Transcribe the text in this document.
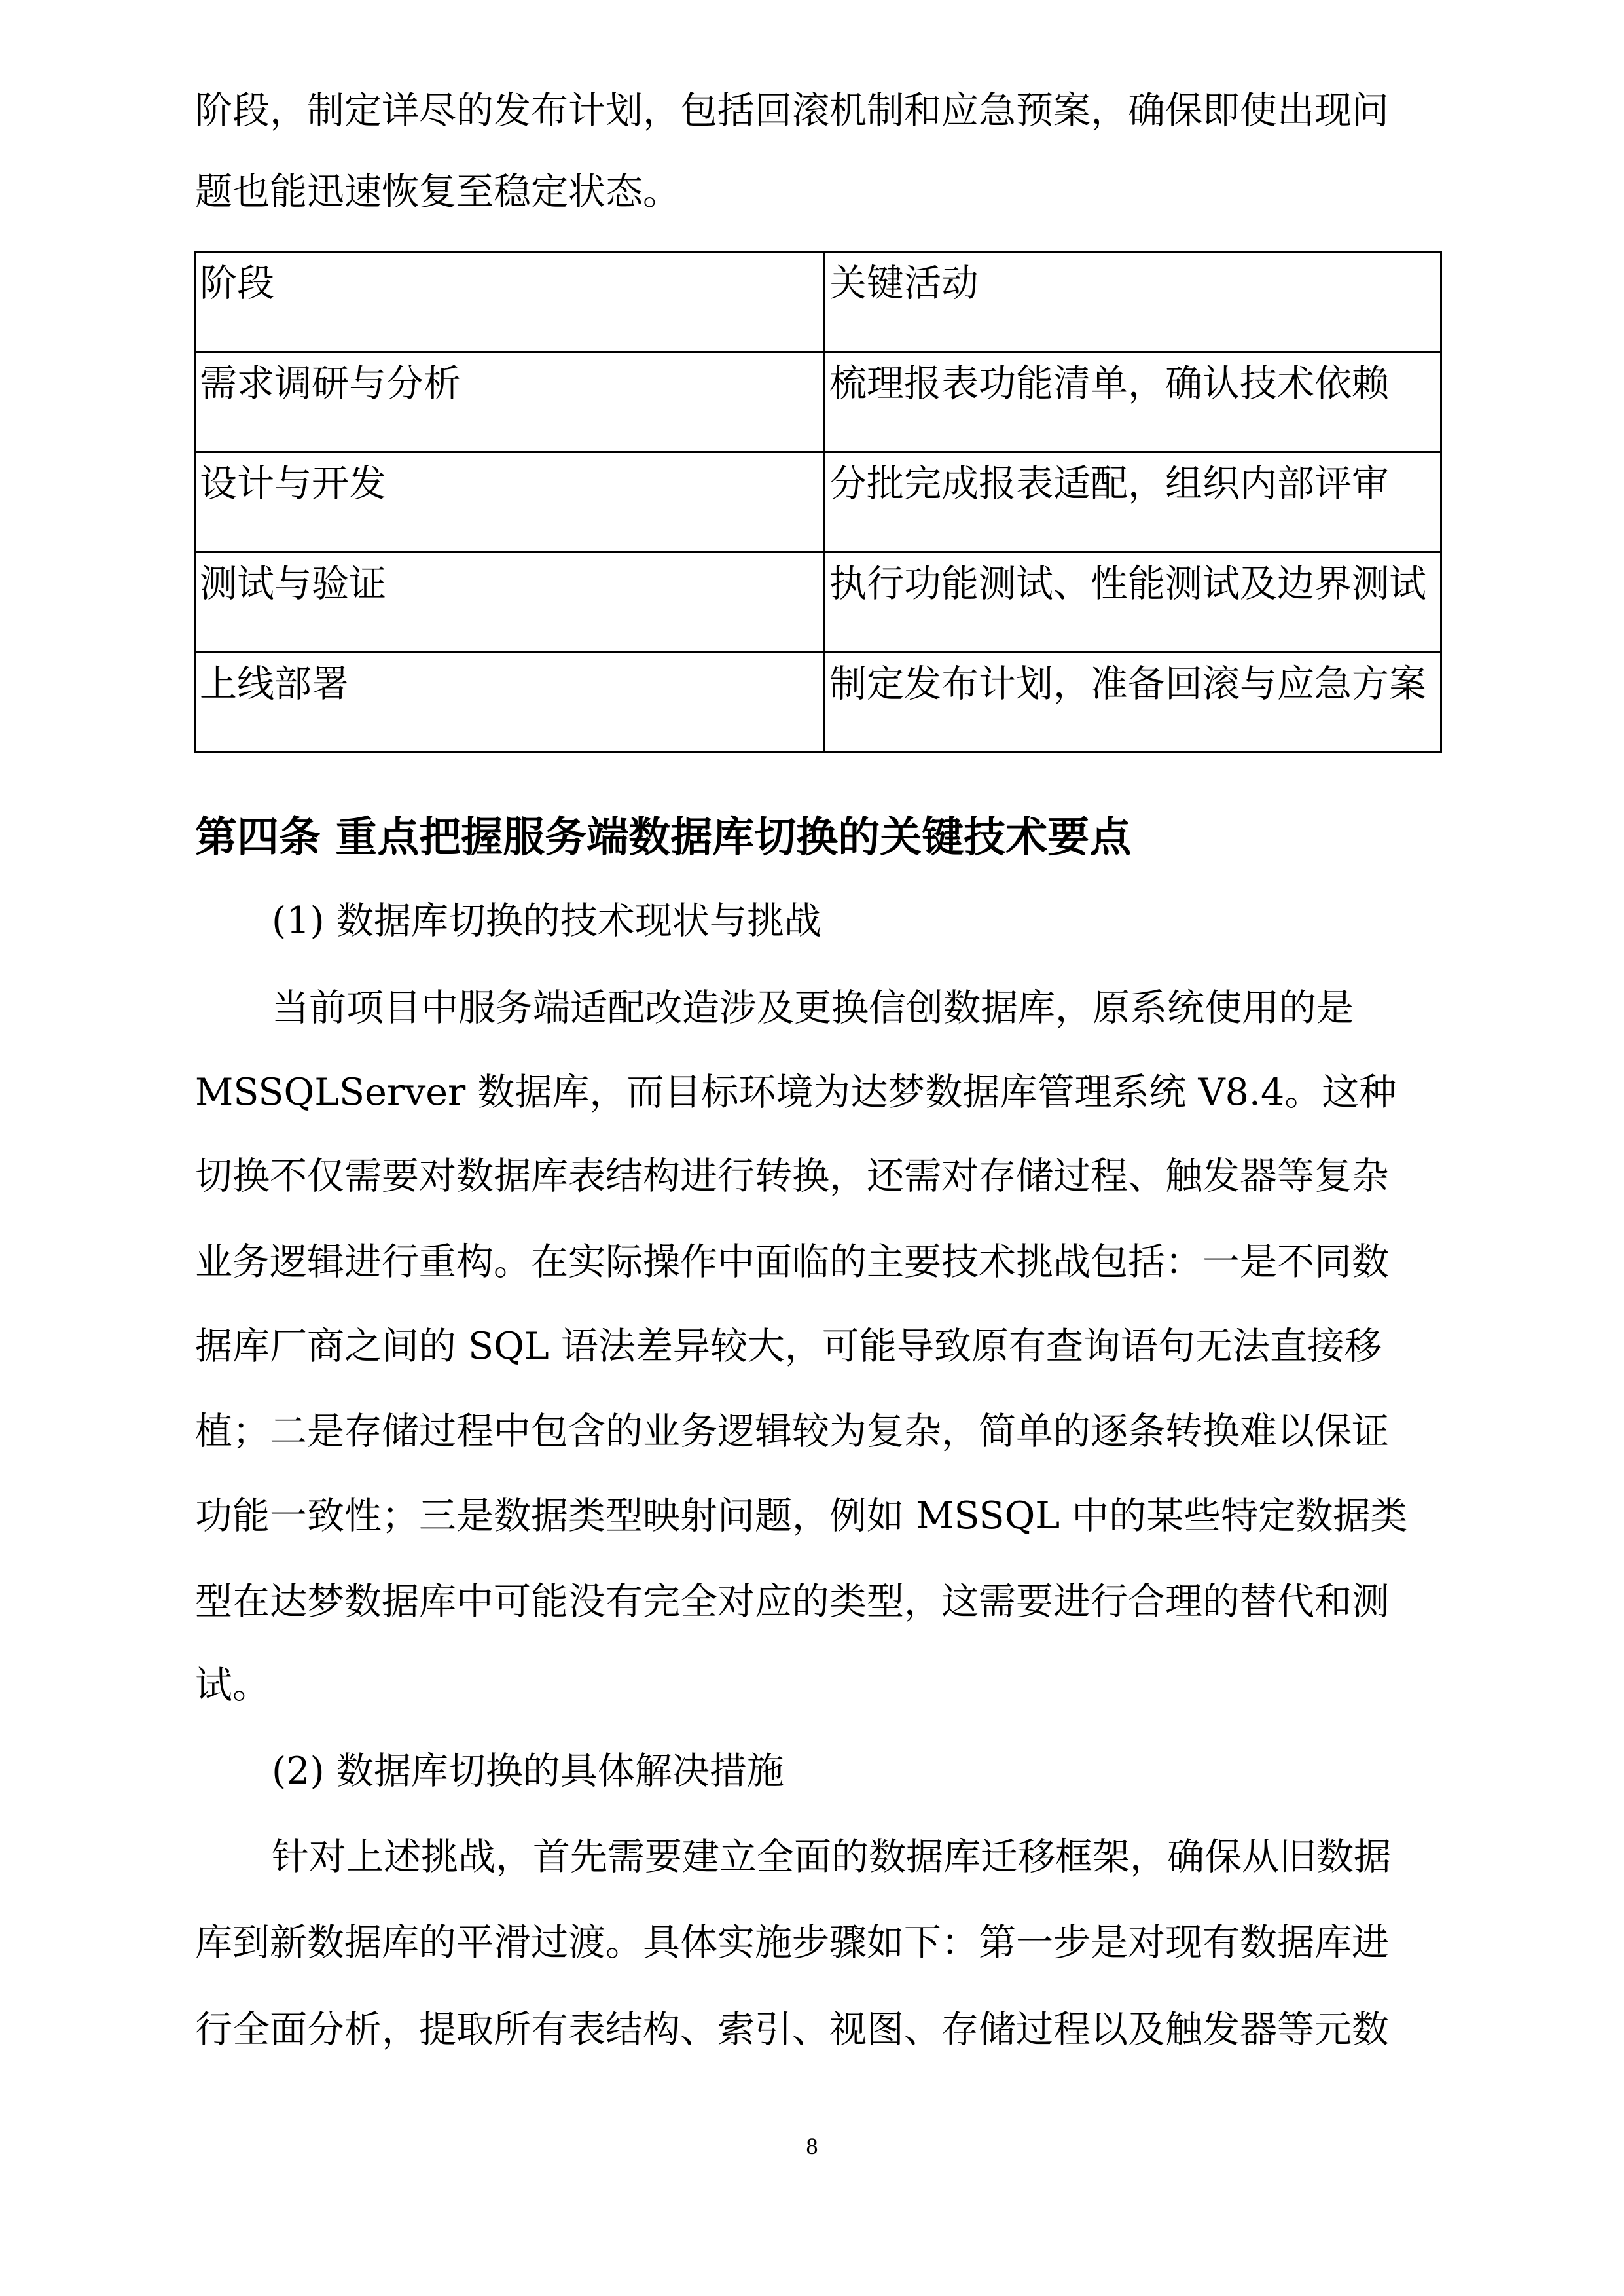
阶段，制定详尽的发布计划，包括回滚机制和应急预案，确保即使出现问
题也能迅速恢复至稳定状态。
阶段	关键活动
需求调研与分析	梳理报表功能清单，确认技术依赖
设计与开发	分批完成报表适配，组织内部评审
测试与验证	执行功能测试、性能测试及边界测试
上线部署	制定发布计划，准备回滚与应急方案
第四条 重点把握服务端数据库切换的关键技术要点
(1) 数据库切换的技术现状与挑战
当前项目中服务端适配改造涉及更换信创数据库，原系统使用的是
MSSQLServer 数据库，而目标环境为达梦数据库管理系统 V8.4。这种
切换不仅需要对数据库表结构进行转换，还需对存储过程、触发器等复杂
业务逻辑进行重构。在实际操作中面临的主要技术挑战包括：一是不同数
据库厂商之间的 SQL 语法差异较大，可能导致原有查询语句无法直接移
植；二是存储过程中包含的业务逻辑较为复杂，简单的逐条转换难以保证
功能一致性；三是数据类型映射问题，例如 MSSQL 中的某些特定数据类
型在达梦数据库中可能没有完全对应的类型，这需要进行合理的替代和测
试。
(2) 数据库切换的具体解决措施
针对上述挑战，首先需要建立全面的数据库迁移框架，确保从旧数据
库到新数据库的平滑过渡。具体实施步骤如下：第一步是对现有数据库进
行全面分析，提取所有表结构、索引、视图、存储过程以及触发器等元数
8
